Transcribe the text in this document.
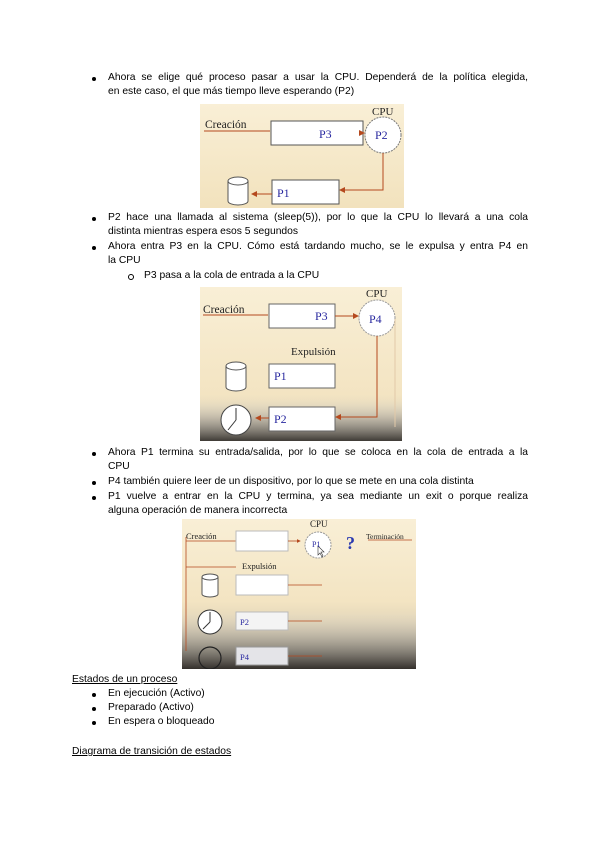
Ahora se elige qué proceso pasar a usar la CPU. Dependerá de la política elegida,
en este caso, el que más tiempo lleve esperando (P2)
Creación
CPU
P3	P2
P1
P2 hace una llamada al sistema (sleep(5)), por lo que la CPU lo llevará a una cola
distinta mientras espera esos 5 segundos
Ahora entra P3 en la CPU. Cómo está tardando mucho, se le expulsa y entra P4 en
la CPU
P3 pasa a la cola de entrada a la CPU
Creación
CPU
P3	P4
Expulsión
P1
P2
Ahora P1 termina su entrada/salida, por lo que se coloca en la cola de entrada a la
CPU
P4 también quiere leer de un dispositivo, por lo que se mete en una cola distinta
P1 vuelve a entrar en la CPU y termina, ya sea mediante un exit o porque realiza
alguna operación de manera incorrecta
Creación
CPU
P1 ? Terminación
Expulsión
P2
P4
Estados de un proceso
En ejecución (Activo)
Preparado (Activo)
En espera o bloqueado
Diagrama de transición de estados
